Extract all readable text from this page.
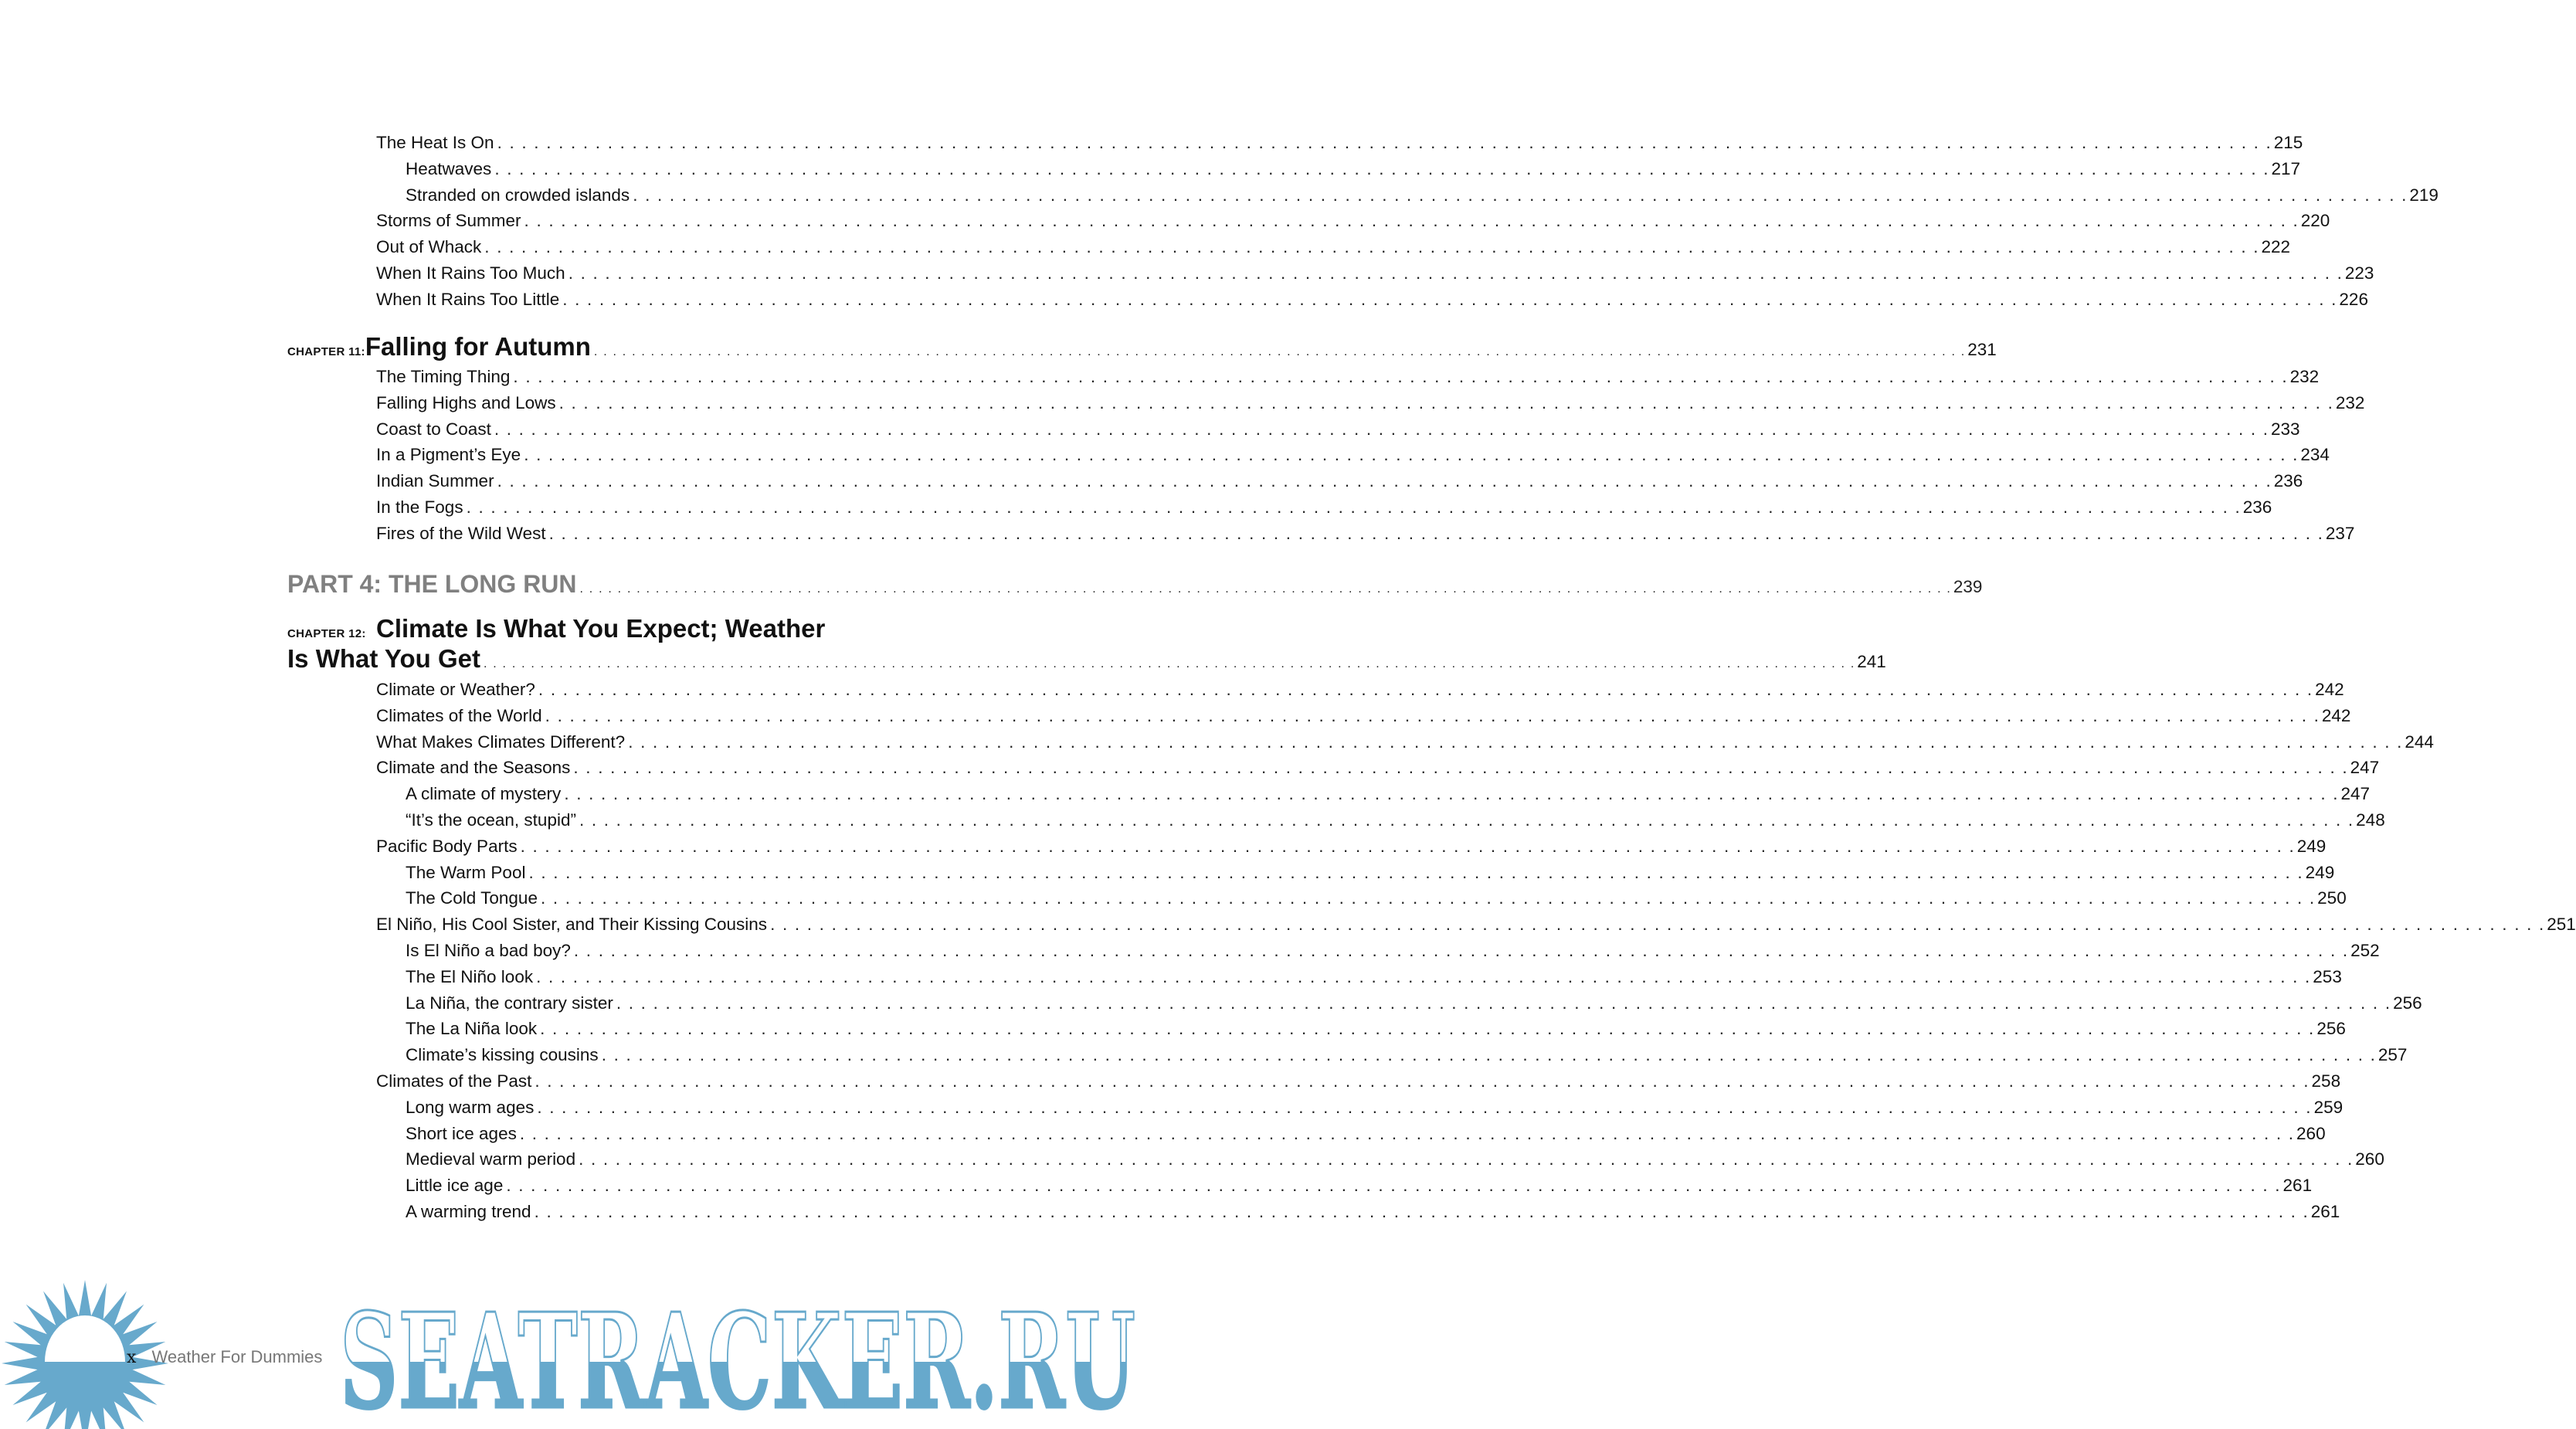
The Heat Is On . . .	215
Heatwaves . . .	217
Stranded on crowded islands . . .	219
Storms of Summer . . .	220
Out of Whack . . .	222
When It Rains Too Much . . .	223
When It Rains Too Little . . .	226
CHAPTER 11: Falling for Autumn . . .	231
The Timing Thing . . .	232
Falling Highs and Lows . . .	232
Coast to Coast . . .	233
In a Pigment’s Eye . . .	234
Indian Summer . . .	236
In the Fogs . . .	236
Fires of the Wild West . . .	237
PART 4: THE LONG RUN . . .	239
CHAPTER 12: Climate Is What You Expect; Weather
Is What You Get . . .	241
Climate or Weather? . . .	242
Climates of the World . . .	242
What Makes Climates Different? . . .	244
Climate and the Seasons . . .	247
A climate of mystery . . .	247
“It’s the ocean, stupid” . . .	248
Pacific Body Parts . . .	249
The Warm Pool . . .	249
The Cold Tongue . . .	250
El Niño, His Cool Sister, and Their Kissing Cousins . . .	251
Is El Niño a bad boy? . . .	252
The El Niño look . . .	253
La Niña, the contrary sister . . .	256
The La Niña look . . .	256
Climate’s kissing cousins . . .	257
Climates of the Past . . .	258
Long warm ages . . .	259
Short ice ages . . .	260
Medieval warm period . . .	260
Little ice age . . .	261
A warming trend . . .	261
SEATRACKER.RU
x Weather For Dummies
